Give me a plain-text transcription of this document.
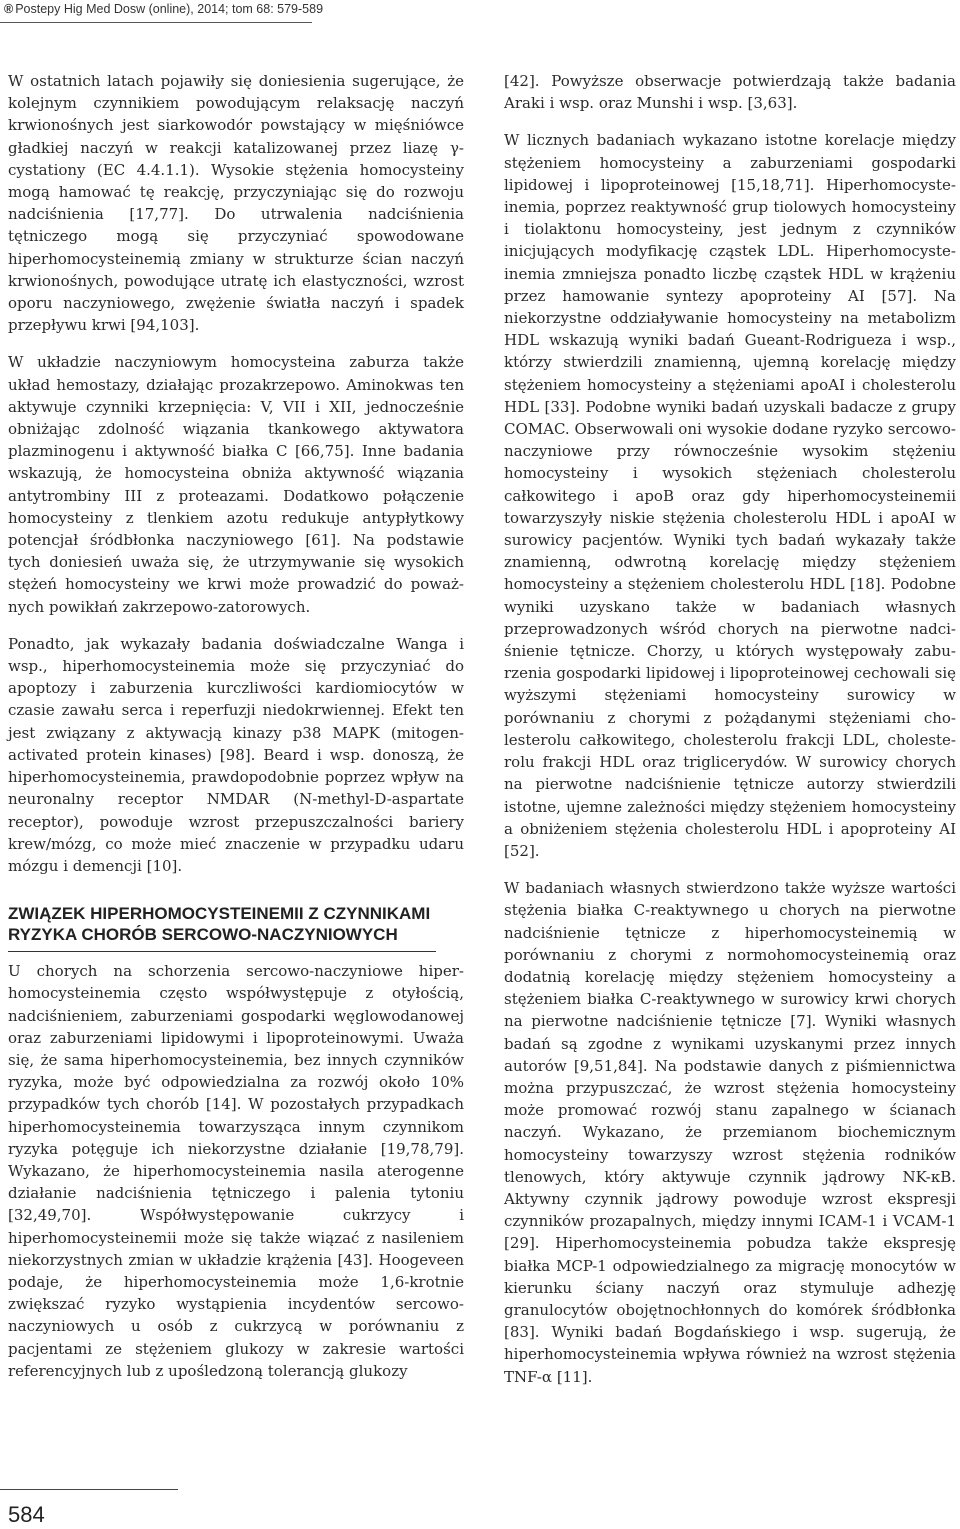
® Postepy Hig Med Dosw (online), 2014; tom 68: 579-589

W ostatnich latach pojawiły się doniesienia sugerujące, że kolejnym czynnikiem powodującym relaksację naczyń krwionośnych jest siarkowodór powstający w mięśniówce gładkiej naczyń w reakcji katalizowanej przez liazę γ-cystationy (EC 4.4.1.1). Wysokie stężenia homocysteiny mogą hamować tę reakcję, przyczyniając się do rozwoju nadciśnienia [17,77]. Do utrwalenia nadciśnienia tętniczego mogą się przyczyniać spowodowane hiperhomocysteinemią zmiany w strukturze ścian naczyń krwionośnych, powodujące utratę ich elastyczności, wzrost oporu naczyniowego, zwężenie światła naczyń i spadek przepływu krwi [94,103].

W układzie naczyniowym homocysteina zaburza także układ hemostazy, działając prozakrzepowo. Aminokwas ten aktywuje czynniki krzepnięcia: V, VII i XII, jednocześnie obniżając zdolność wiązania tkankowego aktywatora plazminogenu i aktywność białka C [66,75]. Inne badania wskazują, że homocysteina obniża aktywność wiązania antytrombiny III z proteazami. Dodatkowo połączenie homocysteiny z tlenkiem azotu redukuje antypłytkowy potencjał śródbłonka naczyniowego [61]. Na podstawie tych doniesień uważa się, że utrzymywanie się wysokich stężeń homocysteiny we krwi może prowadzić do poważnych powikłań zakrzepowo-zatorowych.

Ponadto, jak wykazały badania doświadczalne Wanga i wsp., hiperhomocysteinemia może się przyczyniać do apoptozy i zaburzenia kurczliwości kardiomiocytów w czasie zawału serca i reperfuzji niedokrwiennej. Efekt ten jest związany z aktywacją kinazy p38 MAPK (mitogen-activated protein kinases) [98]. Beard i wsp. donoszą, że hiperhomocysteinemia, prawdopodobnie poprzez wpływ na neuronalny receptor NMDAR (N-methyl-D-aspartate receptor), powoduje wzrost przepuszczalności bariery krew/mózg, co może mieć znaczenie w przypadku udaru mózgu i demencji [10].

ZWIĄZEK HIPERHOMOCYSTEINEMII Z CZYNNIKAMI RYZYKA CHORÓB SERCOWO-NACZYNIOWYCH

U chorych na schorzenia sercowo-naczyniowe hiperhomocysteinemia często współwystępuje z otyłością, nadciśnieniem, zaburzeniami gospodarki węglowodanowej oraz zaburzeniami lipidowymi i lipoproteinowymi. Uważa się, że sama hiperhomocysteinemia, bez innych czynników ryzyka, może być odpowiedzialna za rozwój około 10% przypadków tych chorób [14]. W pozostałych przypadkach hiperhomocysteinemia towarzysząca innym czynnikom ryzyka potęguje ich niekorzystne działanie [19,78,79]. Wykazano, że hiperhomocysteinemia nasila aterogenne działanie nadciśnienia tętniczego i palenia tytoniu [32,49,70]. Współwystępowanie cukrzycy i hiperhomocysteinemii może się także wiązać z nasileniem niekorzystnych zmian w układzie krążenia [43]. Hoogeveen podaje, że hiperhomocysteinemia może 1,6-krotnie zwiększać ryzyko wystąpienia incydentów sercowo-naczyniowych u osób z cukrzycą w porównaniu z pacjentami ze stężeniem glukozy w zakresie wartości referencyjnych lub z upośledzoną tolerancją glukozy

[42]. Powyższe obserwacje potwierdzają także badania Araki i wsp. oraz Munshi i wsp. [3,63].

W licznych badaniach wykazano istotne korelacje między stężeniem homocysteiny a zaburzeniami gospodarki lipidowej i lipoproteinowej [15,18,71]. Hiperhomocysteinemia, poprzez reaktywność grup tiolowych homocysteiny i tiolaktonu homocysteiny, jest jednym z czynników inicjujących modyfikację cząstek LDL. Hiperhomocysteinemia zmniejsza ponadto liczbę cząstek HDL w krążeniu przez hamowanie syntezy apoproteiny AI [57]. Na niekorzystne oddziaływanie homocysteiny na metabolizm HDL wskazują wyniki badań Gueant-Rodrigueza i wsp., którzy stwierdzili znamienną, ujemną korelację między stężeniem homocysteiny a stężeniami apoAI i cholesterolu HDL [33]. Podobne wyniki badań uzyskali badacze z grupy COMAC. Obserwowali oni wysokie dodane ryzyko sercowo-naczyniowe przy równocześnie wysokim stężeniu homocysteiny i wysokich stężeniach cholesterolu całkowitego i apoB oraz gdy hiperhomocysteinemii towarzyszyły niskie stężenia cholesterolu HDL i apoAI w surowicy pacjentów. Wyniki tych badań wykazały także znamienną, odwrotną korelację między stężeniem homocysteiny a stężeniem cholesterolu HDL [18]. Podobne wyniki uzyskano także w badaniach własnych przeprowadzonych wśród chorych na pierwotne nadciśnienie tętnicze. Chorzy, u których występowały zaburzenia gospodarki lipidowej i lipoproteinowej cechowali się wyższymi stężeniami homocysteiny surowicy w porównaniu z chorymi z pożądanymi stężeniami cholesterolu całkowitego, cholesterolu frakcji LDL, cholesterolu frakcji HDL oraz triglicerydów. W surowicy chorych na pierwotne nadciśnienie tętnicze autorzy stwierdzili istotne, ujemne zależności między stężeniem homocysteiny a obniżeniem stężenia cholesterolu HDL i apoproteiny AI [52].

W badaniach własnych stwierdzono także wyższe wartości stężenia białka C-reaktywnego u chorych na pierwotne nadciśnienie tętnicze z hiperhomocysteinemią w porównaniu z chorymi z normohomocysteinemią oraz dodatnią korelację między stężeniem homocysteiny a stężeniem białka C-reaktywnego w surowicy krwi chorych na pierwotne nadciśnienie tętnicze [7]. Wyniki własnych badań są zgodne z wynikami uzyskanymi przez innych autorów [9,51,84]. Na podstawie danych z piśmiennictwa można przypuszczać, że wzrost stężenia homocysteiny może promować rozwój stanu zapalnego w ścianach naczyń. Wykazano, że przemianom biochemicznym homocysteiny towarzyszy wzrost stężenia rodników tlenowych, który aktywuje czynnik jądrowy NK-κB. Aktywny czynnik jądrowy powoduje wzrost ekspresji czynników prozapalnych, między innymi ICAM-1 i VCAM-1 [29]. Hiperhomocysteinemia pobudza także ekspresję białka MCP-1 odpowiedzialnego za migrację monocytów w kierunku ściany naczyń oraz stymuluje adhezję granulocytów obojętnochłonnych do komórek śródbłonka [83]. Wyniki badań Bogdańskiego i wsp. sugerują, że hiperhomocysteinemia wpływa również na wzrost stężenia TNF-α [11].

584
